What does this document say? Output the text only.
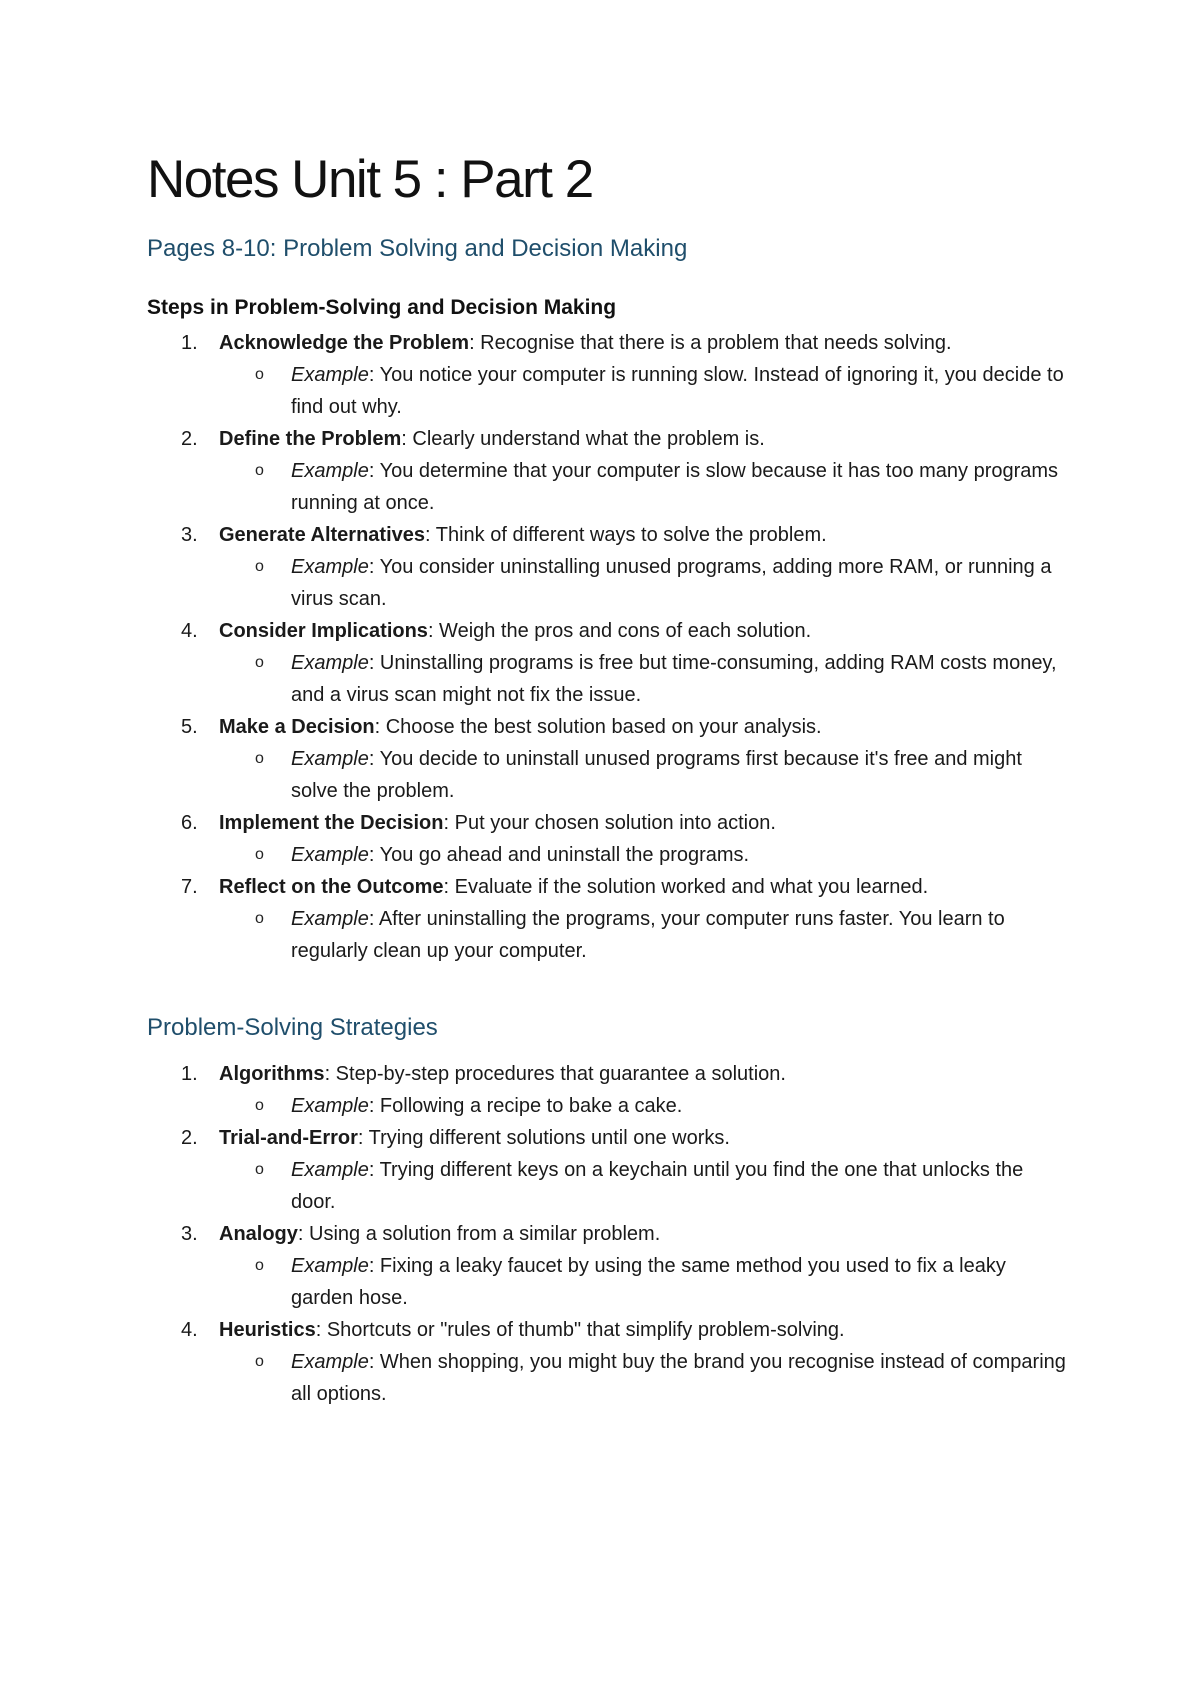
Notes Unit 5 : Part 2
Pages 8-10: Problem Solving and Decision Making
Steps in Problem-Solving and Decision Making
1.	Acknowledge the Problem: Recognise that there is a problem that needs solving.
o Example: You notice your computer is running slow. Instead of ignoring it, you decide to find out why.
2.	Define the Problem: Clearly understand what the problem is.
o Example: You determine that your computer is slow because it has too many programs running at once.
3.	Generate Alternatives: Think of different ways to solve the problem.
o Example: You consider uninstalling unused programs, adding more RAM, or running a virus scan.
4.	Consider Implications: Weigh the pros and cons of each solution.
o Example: Uninstalling programs is free but time-consuming, adding RAM costs money, and a virus scan might not fix the issue.
5.	Make a Decision: Choose the best solution based on your analysis.
o Example: You decide to uninstall unused programs first because it's free and might solve the problem.
6.	Implement the Decision: Put your chosen solution into action.
o Example: You go ahead and uninstall the programs.
7.	Reflect on the Outcome: Evaluate if the solution worked and what you learned.
o Example: After uninstalling the programs, your computer runs faster. You learn to regularly clean up your computer.
Problem-Solving Strategies
1.	Algorithms: Step-by-step procedures that guarantee a solution.
o Example: Following a recipe to bake a cake.
2.	Trial-and-Error: Trying different solutions until one works.
o Example: Trying different keys on a keychain until you find the one that unlocks the door.
3.	Analogy: Using a solution from a similar problem.
o Example: Fixing a leaky faucet by using the same method you used to fix a leaky garden hose.
4.	Heuristics: Shortcuts or "rules of thumb" that simplify problem-solving.
o Example: When shopping, you might buy the brand you recognise instead of comparing all options.
